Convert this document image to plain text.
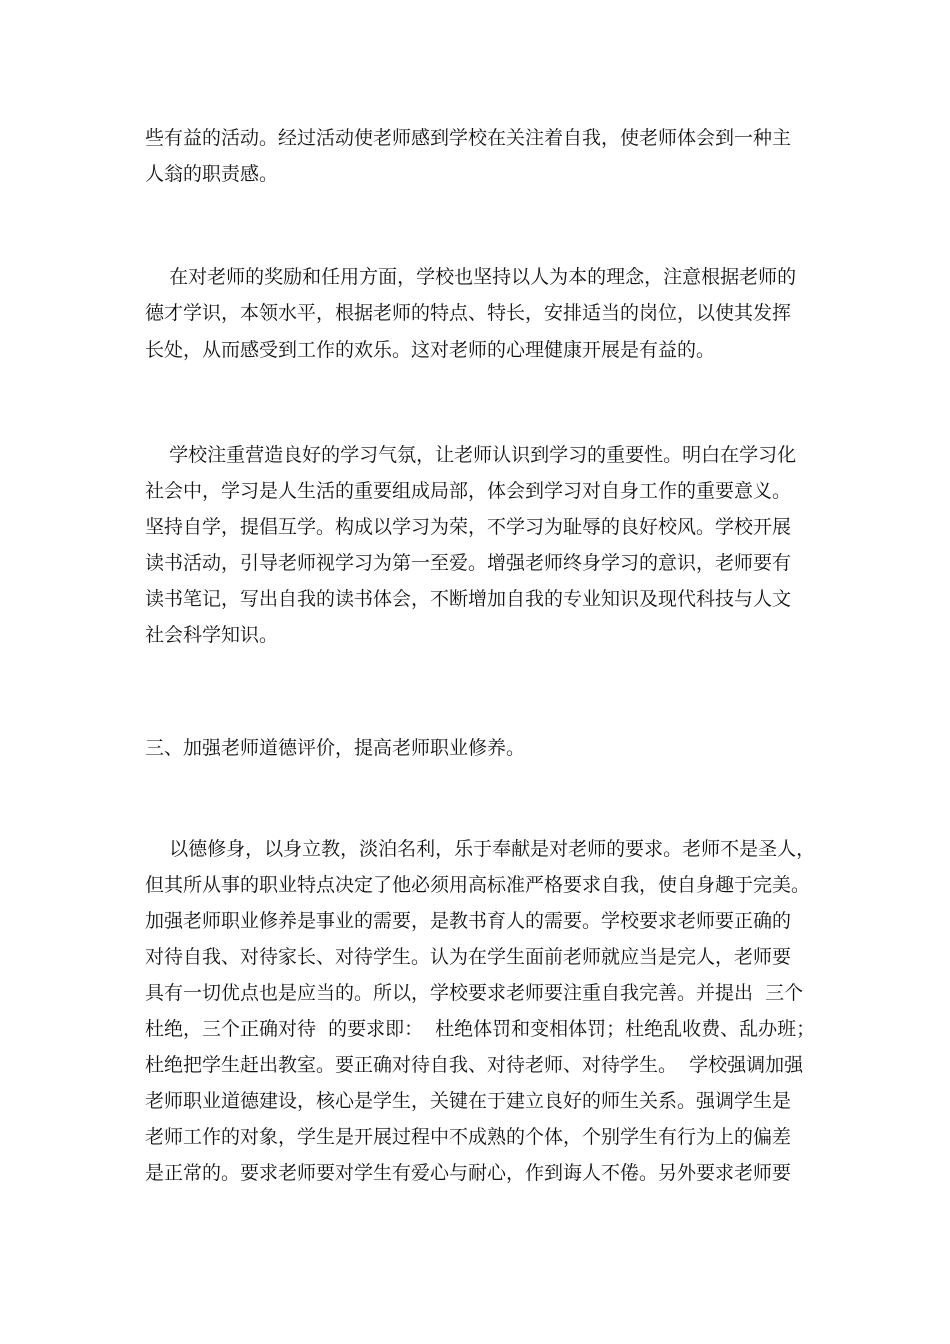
些有益的活动。经过活动使老师感到学校在关注着自我，使老师体会到一种主
人翁的职责感。
在对老师的奖励和任用方面，学校也坚持以人为本的理念，注意根据老师的
德才学识，本领水平，根据老师的特点、特长，安排适当的岗位，以使其发挥
长处，从而感受到工作的欢乐。这对老师的心理健康开展是有益的。
学校注重营造良好的学习气氛，让老师认识到学习的重要性。明白在学习化
社会中，学习是人生活的重要组成局部，体会到学习对自身工作的重要意义。
坚持自学，提倡互学。构成以学习为荣，不学习为耻辱的良好校风。学校开展
读书活动，引导老师视学习为第一至爱。增强老师终身学习的意识，老师要有
读书笔记，写出自我的读书体会，不断增加自我的专业知识及现代科技与人文
社会科学知识。
三、加强老师道德评价，提高老师职业修养。
以德修身，以身立教，淡泊名利，乐于奉献是对老师的要求。老师不是圣人，
但其所从事的职业特点决定了他必须用高标准严格要求自我，使自身趣于完美。
加强老师职业修养是事业的需要，是教书育人的需要。学校要求老师要正确的
对待自我、对待家长、对待学生。认为在学生面前老师就应当是完人，老师要
具有一切优点也是应当的。所以，学校要求老师要注重自我完善。并提出  三个
杜绝，三个正确对待  的要求即：  杜绝体罚和变相体罚；杜绝乱收费、乱办班；
杜绝把学生赶出教室。要正确对待自我、对待老师、对待学生。  学校强调加强
老师职业道德建设，核心是学生，关键在于建立良好的师生关系。强调学生是
老师工作的对象，学生是开展过程中不成熟的个体，个别学生有行为上的偏差
是正常的。要求老师要对学生有爱心与耐心，作到诲人不倦。另外要求老师要
